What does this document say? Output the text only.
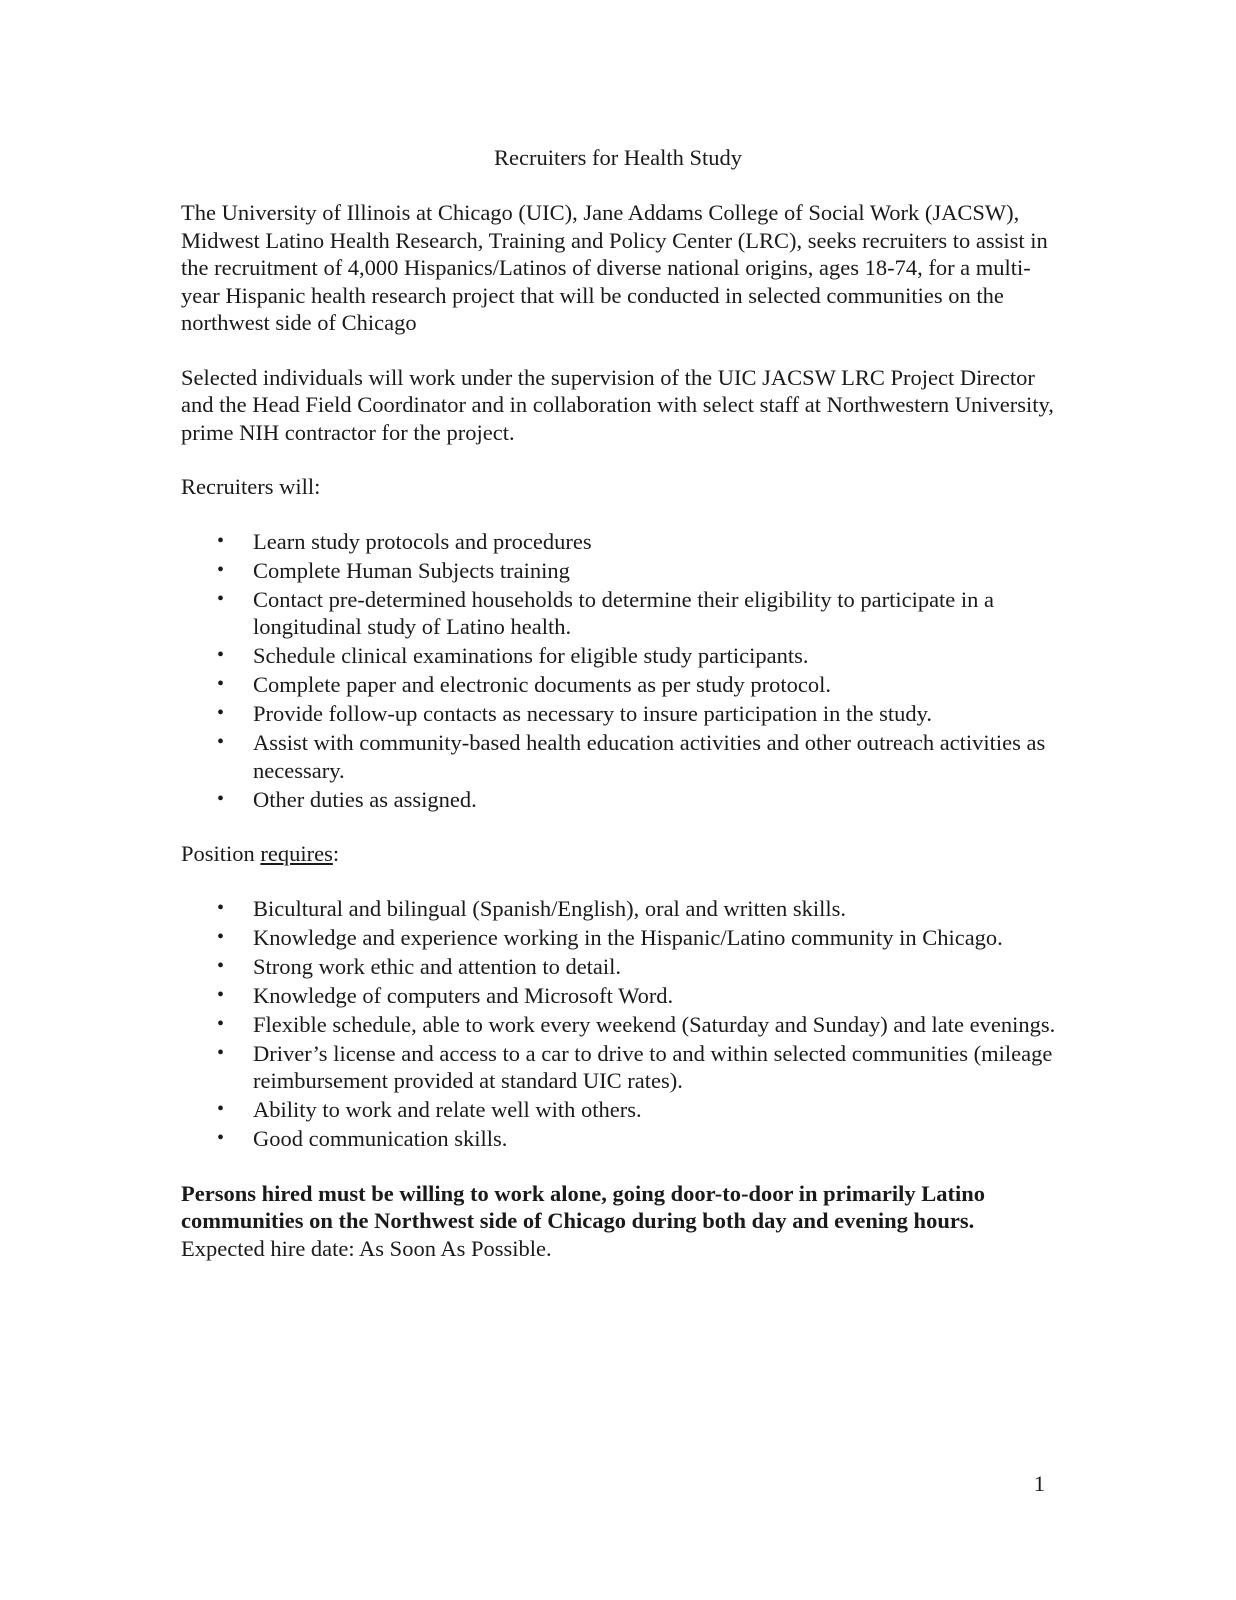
Recruiters for Health Study

The University of Illinois at Chicago (UIC), Jane Addams College of Social Work (JACSW), Midwest Latino Health Research, Training and Policy Center (LRC), seeks recruiters to assist in the recruitment of 4,000 Hispanics/Latinos of diverse national origins, ages 18-74, for a multi-year Hispanic health research project that will be conducted in selected communities on the northwest side of Chicago

Selected individuals will work under the supervision of the UIC JACSW LRC Project Director and the Head Field Coordinator and in collaboration with select staff at Northwestern University, prime NIH contractor for the project.

Recruiters will:

• Learn study protocols and procedures
• Complete Human Subjects training
• Contact pre-determined households to determine their eligibility to participate in a longitudinal study of Latino health.
• Schedule clinical examinations for eligible study participants.
• Complete paper and electronic documents as per study protocol.
• Provide follow-up contacts as necessary to insure participation in the study.
• Assist with community-based health education activities and other outreach activities as necessary.
• Other duties as assigned.

Position requires:

• Bicultural and bilingual (Spanish/English), oral and written skills.
• Knowledge and experience working in the Hispanic/Latino community in Chicago.
• Strong work ethic and attention to detail.
• Knowledge of computers and Microsoft Word.
• Flexible schedule, able to work every weekend (Saturday and Sunday) and late evenings.
• Driver’s license and access to a car to drive to and within selected communities (mileage reimbursement provided at standard UIC rates).
• Ability to work and relate well with others.
• Good communication skills.

Persons hired must be willing to work alone, going door-to-door in primarily Latino communities on the Northwest side of Chicago during both day and evening hours.

Expected hire date: As Soon As Possible.

1
